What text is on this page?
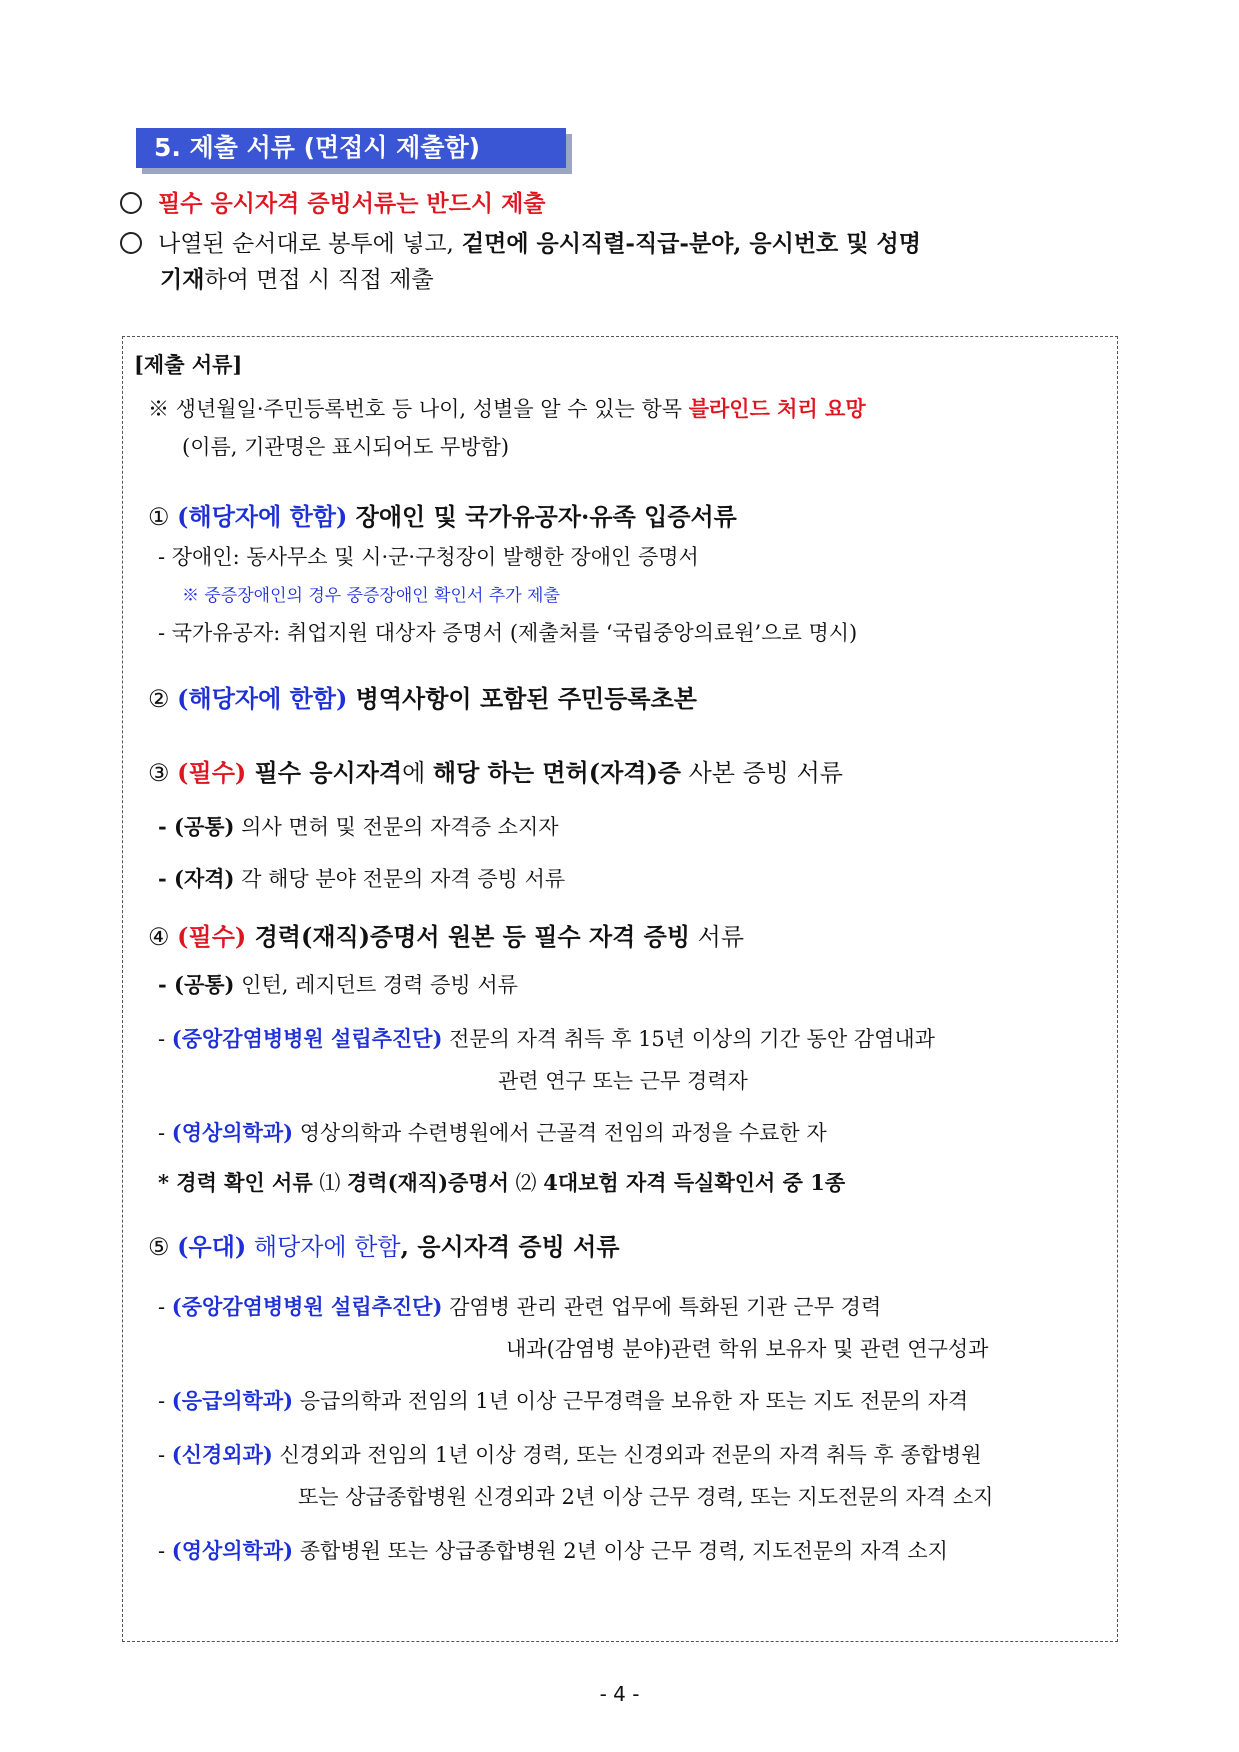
5. 제출 서류 (면접시 제출함)
필수 응시자격 증빙서류는 반드시 제출
나열된 순서대로 봉투에 넣고, 겉면에 응시직렬-직급-분야, 응시번호 및 성명
기재하여 면접 시 직접 제출
[제출 서류]
※ 생년월일·주민등록번호 등 나이, 성별을 알 수 있는 항목 블라인드 처리 요망
(이름, 기관명은 표시되어도 무방함)
① (해당자에 한함) 장애인 및 국가유공자·유족 입증서류
- 장애인: 동사무소 및 시·군·구청장이 발행한 장애인 증명서
※ 중증장애인의 경우 중증장애인 확인서 추가 제출
- 국가유공자: 취업지원 대상자 증명서 (제출처를 ‘국립중앙의료원’으로 명시)
② (해당자에 한함) 병역사항이 포함된 주민등록초본
③ (필수) 필수 응시자격에 해당 하는 면허(자격)증 사본 증빙 서류
- (공통) 의사 면허 및 전문의 자격증 소지자
- (자격) 각 해당 분야 전문의 자격 증빙 서류
④ (필수) 경력(재직)증명서 원본 등 필수 자격 증빙 서류
- (공통) 인턴, 레지던트 경력 증빙 서류
- (중앙감염병병원 설립추진단) 전문의 자격 취득 후 15년 이상의 기간 동안 감염내과
관련 연구 또는 근무 경력자
- (영상의학과) 영상의학과 수련병원에서 근골격 전임의 과정을 수료한 자
* 경력 확인 서류 ⑴ 경력(재직)증명서 ⑵ 4대보험 자격 득실확인서 중 1종
⑤ (우대) 해당자에 한함, 응시자격 증빙 서류
- (중앙감염병병원 설립추진단) 감염병 관리 관련 업무에 특화된 기관 근무 경력
내과(감염병 분야)관련 학위 보유자 및 관련 연구성과
- (응급의학과) 응급의학과 전임의 1년 이상 근무경력을 보유한 자 또는 지도 전문의 자격
- (신경외과) 신경외과 전임의 1년 이상 경력, 또는 신경외과 전문의 자격 취득 후 종합병원
또는 상급종합병원 신경외과 2년 이상 근무 경력, 또는 지도전문의 자격 소지
- (영상의학과) 종합병원 또는 상급종합병원 2년 이상 근무 경력, 지도전문의 자격 소지
- 4 -
